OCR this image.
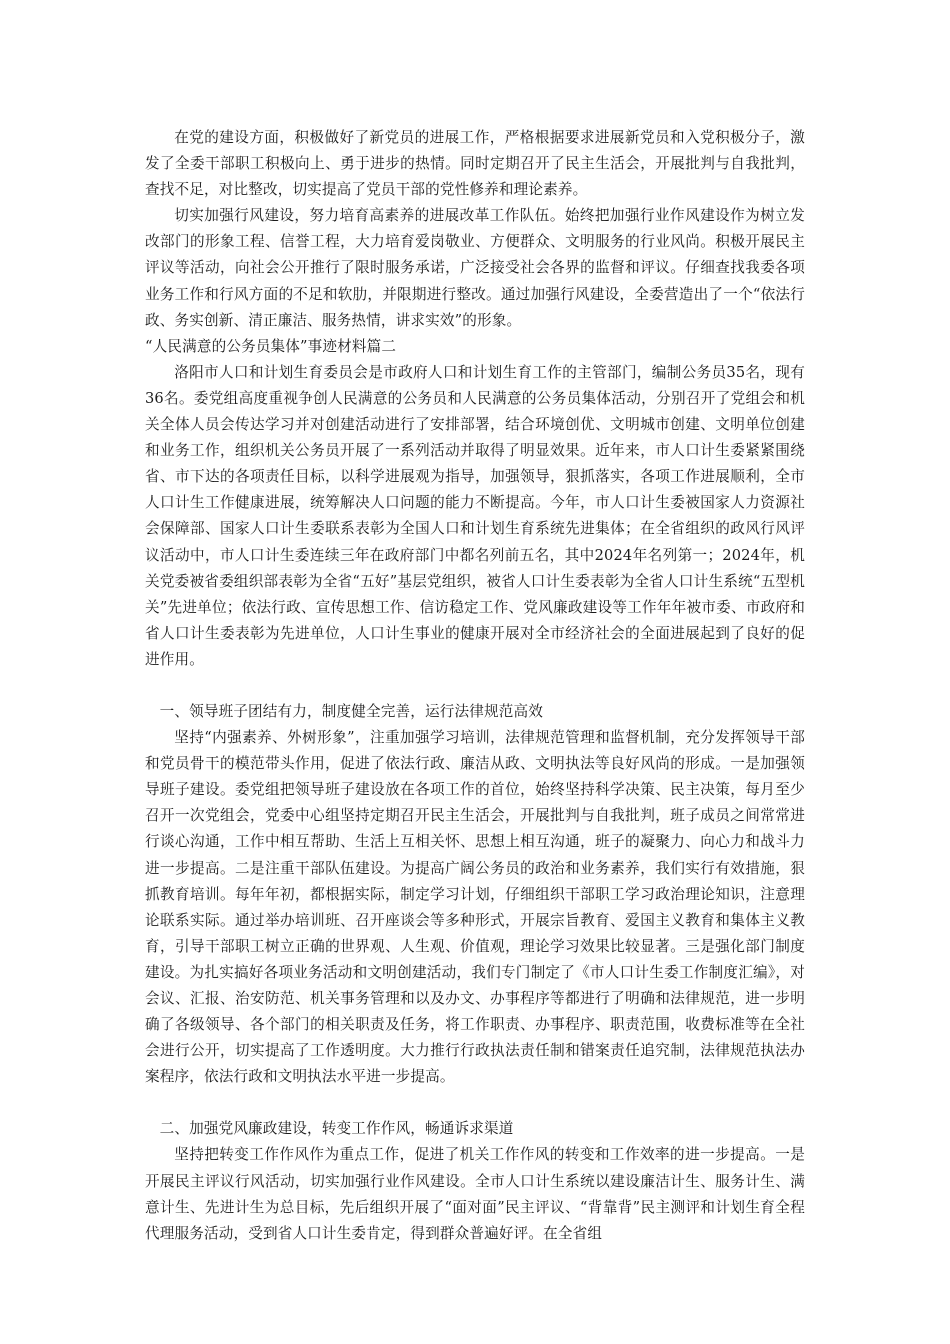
在党的建设方面，积极做好了新党员的进展工作，严格根据要求进展新党员和入党积极分子，激发了全委干部职工积极向上、勇于进步的热情。同时定期召开了民主生活会，开展批判与自我批判，查找不足，对比整改，切实提高了党员干部的党性修养和理论素养。

切实加强行风建设，努力培育高素养的进展改革工作队伍。始终把加强行业作风建设作为树立发改部门的形象工程、信誉工程，大力培育爱岗敬业、方便群众、文明服务的行业风尚。积极开展民主评议等活动，向社会公开推行了限时服务承诺，广泛接受社会各界的监督和评议。仔细查找我委各项业务工作和行风方面的不足和软肋，并限期进行整改。通过加强行风建设，全委营造出了一个“依法行政、务实创新、清正廉洁、服务热情，讲求实效”的形象。

“人民满意的公务员集体”事迹材料篇二

洛阳市人口和计划生育委员会是市政府人口和计划生育工作的主管部门，编制公务员35名，现有36名。委党组高度重视争创人民满意的公务员和人民满意的公务员集体活动，分别召开了党组会和机关全体人员会传达学习并对创建活动进行了安排部署，结合环境创优、文明城市创建、文明单位创建和业务工作，组织机关公务员开展了一系列活动并取得了明显效果。近年来，市人口计生委紧紧围绕省、市下达的各项责任目标，以科学进展观为指导，加强领导，狠抓落实，各项工作进展顺利，全市人口计生工作健康进展，统筹解决人口问题的能力不断提高。今年，市人口计生委被国家人力资源社会保障部、国家人口计生委联系表彰为全国人口和计划生育系统先进集体；在全省组织的政风行风评议活动中，市人口计生委连续三年在政府部门中都名列前五名，其中2024年名列第一；2024年，机关党委被省委组织部表彰为全省“五好”基层党组织，被省人口计生委表彰为全省人口计生系统“五型机关”先进单位；依法行政、宣传思想工作、信访稳定工作、党风廉政建设等工作年年被市委、市政府和省人口计生委表彰为先进单位，人口计生事业的健康开展对全市经济社会的全面进展起到了良好的促进作用。

一、领导班子团结有力，制度健全完善，运行法律规范高效

坚持“内强素养、外树形象”，注重加强学习培训，法律规范管理和监督机制，充分发挥领导干部和党员骨干的模范带头作用，促进了依法行政、廉洁从政、文明执法等良好风尚的形成。一是加强领导班子建设。委党组把领导班子建设放在各项工作的首位，始终坚持科学决策、民主决策，每月至少召开一次党组会，党委中心组坚持定期召开民主生活会，开展批判与自我批判，班子成员之间常常进行谈心沟通，工作中相互帮助、生活上互相关怀、思想上相互沟通，班子的凝聚力、向心力和战斗力进一步提高。二是注重干部队伍建设。为提高广阔公务员的政治和业务素养，我们实行有效措施，狠抓教育培训。每年年初，都根据实际，制定学习计划，仔细组织干部职工学习政治理论知识，注意理论联系实际。通过举办培训班、召开座谈会等多种形式，开展宗旨教育、爱国主义教育和集体主义教育，引导干部职工树立正确的世界观、人生观、价值观，理论学习效果比较显著。三是强化部门制度建设。为扎实搞好各项业务活动和文明创建活动，我们专门制定了《市人口计生委工作制度汇编》，对会议、汇报、治安防范、机关事务管理和以及办文、办事程序等都进行了明确和法律规范，进一步明确了各级领导、各个部门的相关职责及任务，将工作职责、办事程序、职责范围，收费标准等在全社会进行公开，切实提高了工作透明度。大力推行行政执法责任制和错案责任追究制，法律规范执法办案程序，依法行政和文明执法水平进一步提高。

二、加强党风廉政建设，转变工作作风，畅通诉求渠道

坚持把转变工作作风作为重点工作，促进了机关工作作风的转变和工作效率的进一步提高。一是开展民主评议行风活动，切实加强行业作风建设。全市人口计生系统以建设廉洁计生、服务计生、满意计生、先进计生为总目标，先后组织开展了“面对面”民主评议、“背靠背”民主测评和计划生育全程代理服务活动，受到省人口计生委肯定，得到群众普遍好评。在全省组
